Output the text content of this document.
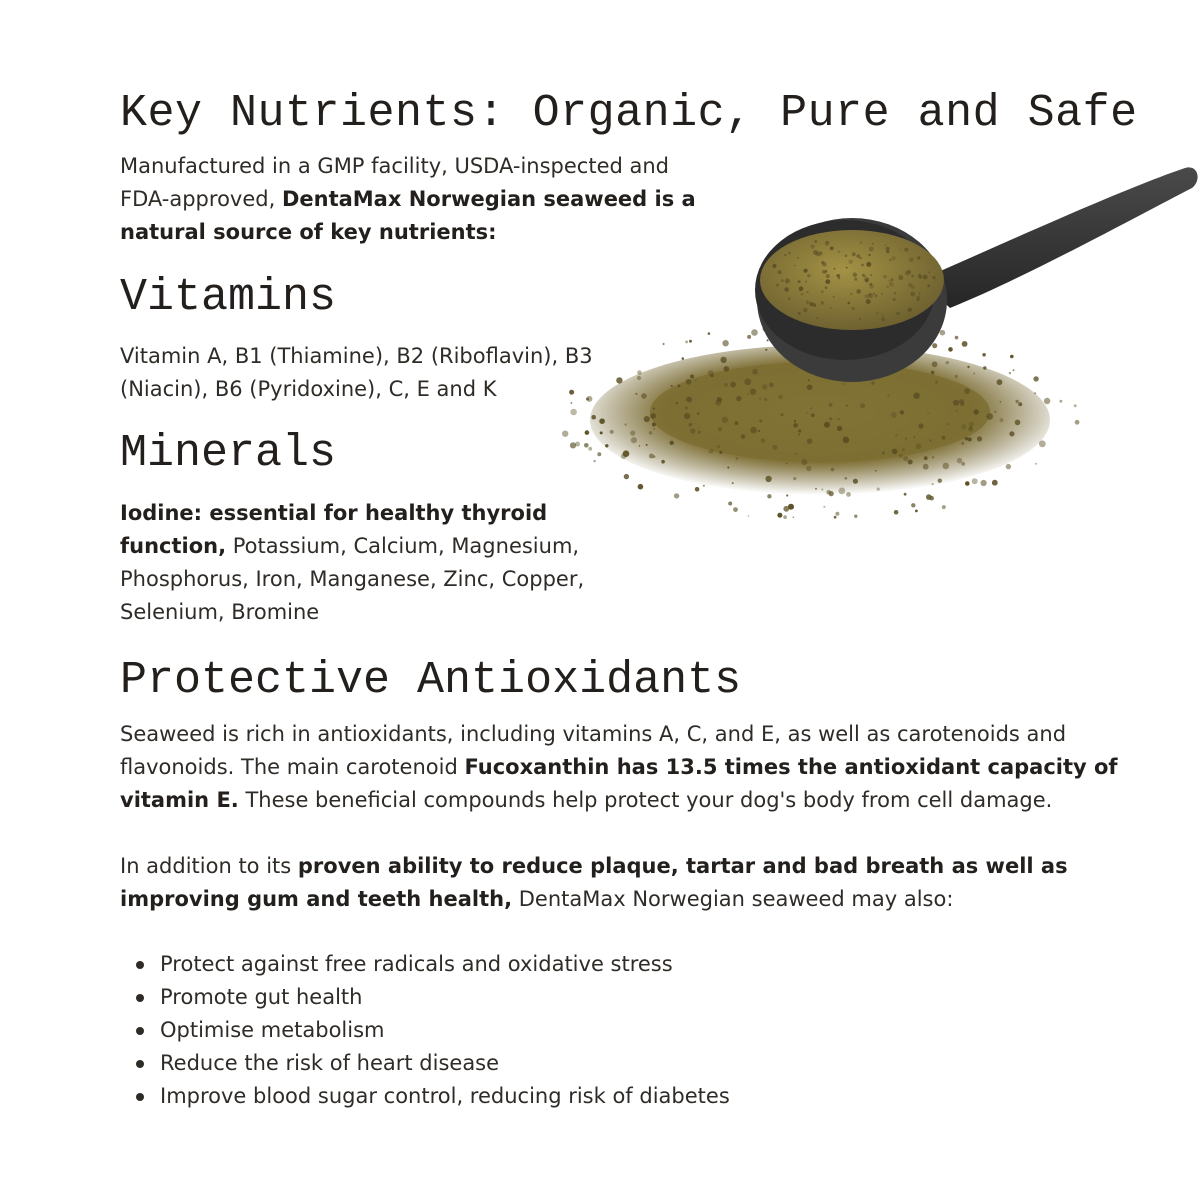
Key Nutrients: Organic, Pure and Safe

Manufactured in a GMP facility, USDA-inspected and FDA-approved, DentaMax Norwegian seaweed is a natural source of key nutrients:

Vitamins

Vitamin A, B1 (Thiamine), B2 (Riboflavin), B3 (Niacin), B6 (Pyridoxine), C, E and K

Minerals

Iodine: essential for healthy thyroid function, Potassium, Calcium, Magnesium, Phosphorus, Iron, Manganese, Zinc, Copper, Selenium, Bromine

Protective Antioxidants

Seaweed is rich in antioxidants, including vitamins A, C, and E, as well as carotenoids and flavonoids. The main carotenoid Fucoxanthin has 13.5 times the antioxidant capacity of vitamin E. These beneficial compounds help protect your dog's body from cell damage.

In addition to its proven ability to reduce plaque, tartar and bad breath as well as improving gum and teeth health, DentaMax Norwegian seaweed may also:

Protect against free radicals and oxidative stress
Promote gut health
Optimise metabolism
Reduce the risk of heart disease
Improve blood sugar control, reducing risk of diabetes
